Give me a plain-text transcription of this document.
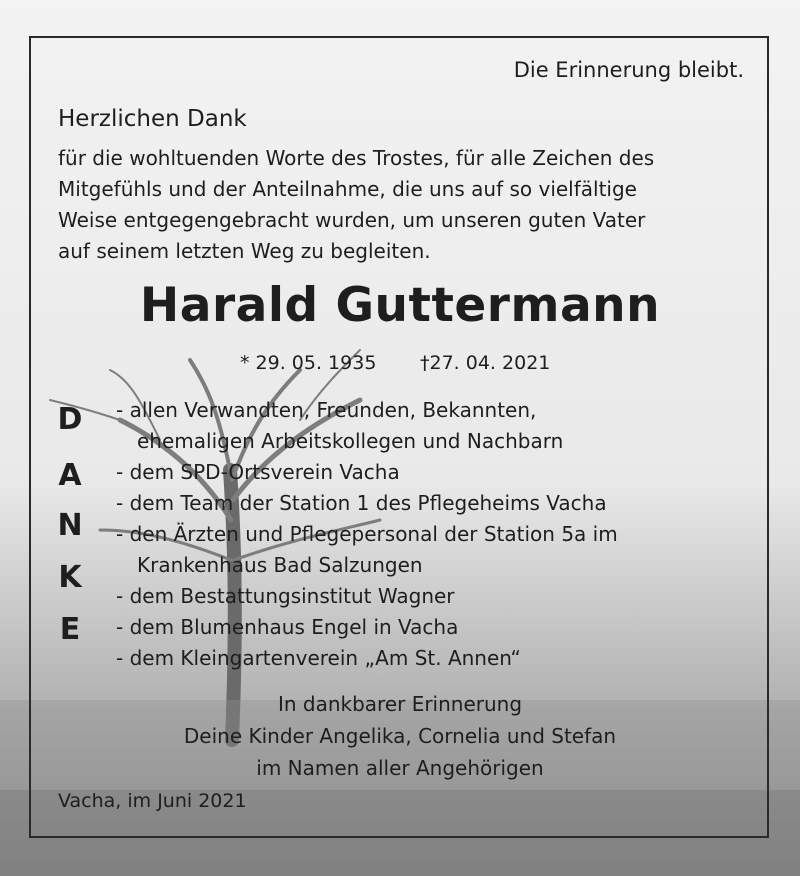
Die Erinnerung bleibt.
Herzlichen Dank
für die wohltuenden Worte des Trostes, für alle Zeichen des
Mitgefühls und der Anteilnahme, die uns auf so vielfältige
Weise entgegengebracht wurden, um unseren guten Vater
auf seinem letzten Weg zu begleiten.
Harald Guttermann
* 29. 05. 1935 †27. 04. 2021
D
A
N
K
E
- allen Verwandten, Freunden, Bekannten,
ehemaligen Arbeitskollegen und Nachbarn
- dem SPD-Ortsverein Vacha
- dem Team der Station 1 des Pflegeheims Vacha
- den Ärzten und Pflegepersonal der Station 5a im
Krankenhaus Bad Salzungen
- dem Bestattungsinstitut Wagner
- dem Blumenhaus Engel in Vacha
- dem Kleingartenverein „Am St. Annen“
In dankbarer Erinnerung
Deine Kinder Angelika, Cornelia und Stefan
im Namen aller Angehörigen
Vacha, im Juni 2021
